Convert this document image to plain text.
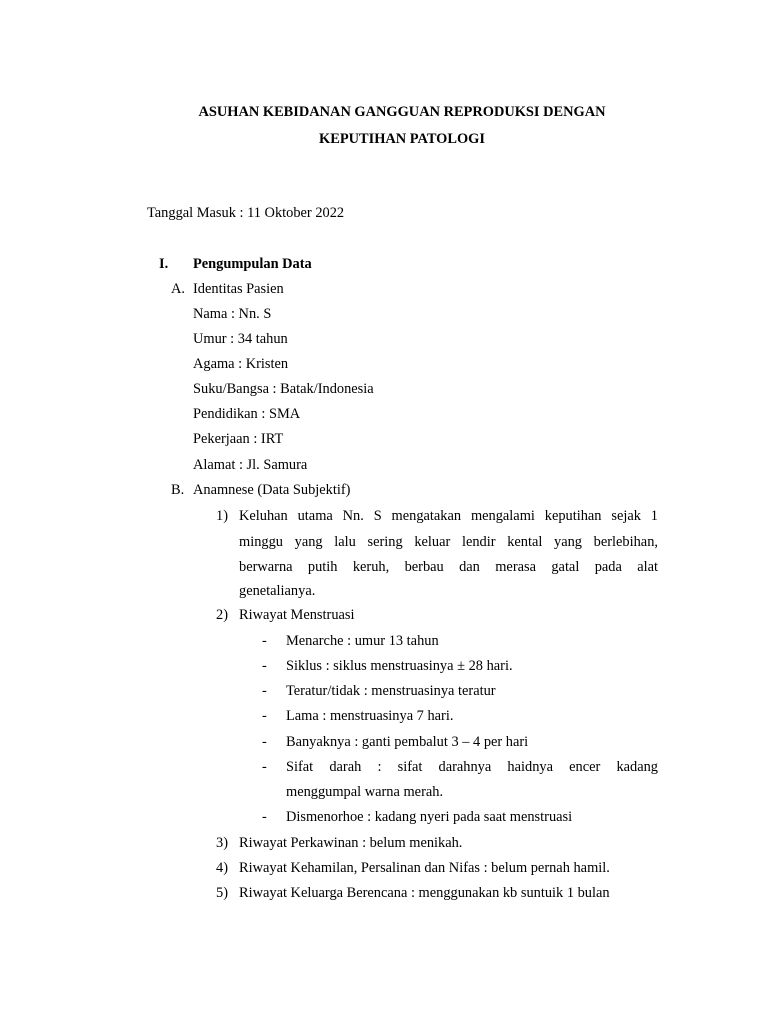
ASUHAN KEBIDANAN GANGGUAN REPRODUKSI DENGAN
KEPUTIHAN PATOLOGI
Tanggal Masuk : 11 Oktober 2022
I. Pengumpulan Data
A. Identitas Pasien
Nama : Nn. S
Umur : 34 tahun
Agama : Kristen
Suku/Bangsa : Batak/Indonesia
Pendidikan : SMA
Pekerjaan : IRT
Alamat : Jl. Samura
B. Anamnese (Data Subjektif)
1) Keluhan utama Nn. S mengatakan mengalami keputihan sejak 1
minggu yang lalu sering keluar lendir kental yang berlebihan,
berwarna putih keruh, berbau dan merasa gatal pada alat
genetalianya.
2) Riwayat Menstruasi
- Menarche : umur 13 tahun
- Siklus : siklus menstruasinya ± 28 hari.
- Teratur/tidak : menstruasinya teratur
- Lama : menstruasinya 7 hari.
- Banyaknya : ganti pembalut 3 – 4 per hari
- Sifat darah : sifat darahnya haidnya encer kadang
menggumpal warna merah.
- Dismenorhoe : kadang nyeri pada saat menstruasi
3) Riwayat Perkawinan : belum menikah.
4) Riwayat Kehamilan, Persalinan dan Nifas : belum pernah hamil.
5) Riwayat Keluarga Berencana : menggunakan kb suntuik 1 bulan
